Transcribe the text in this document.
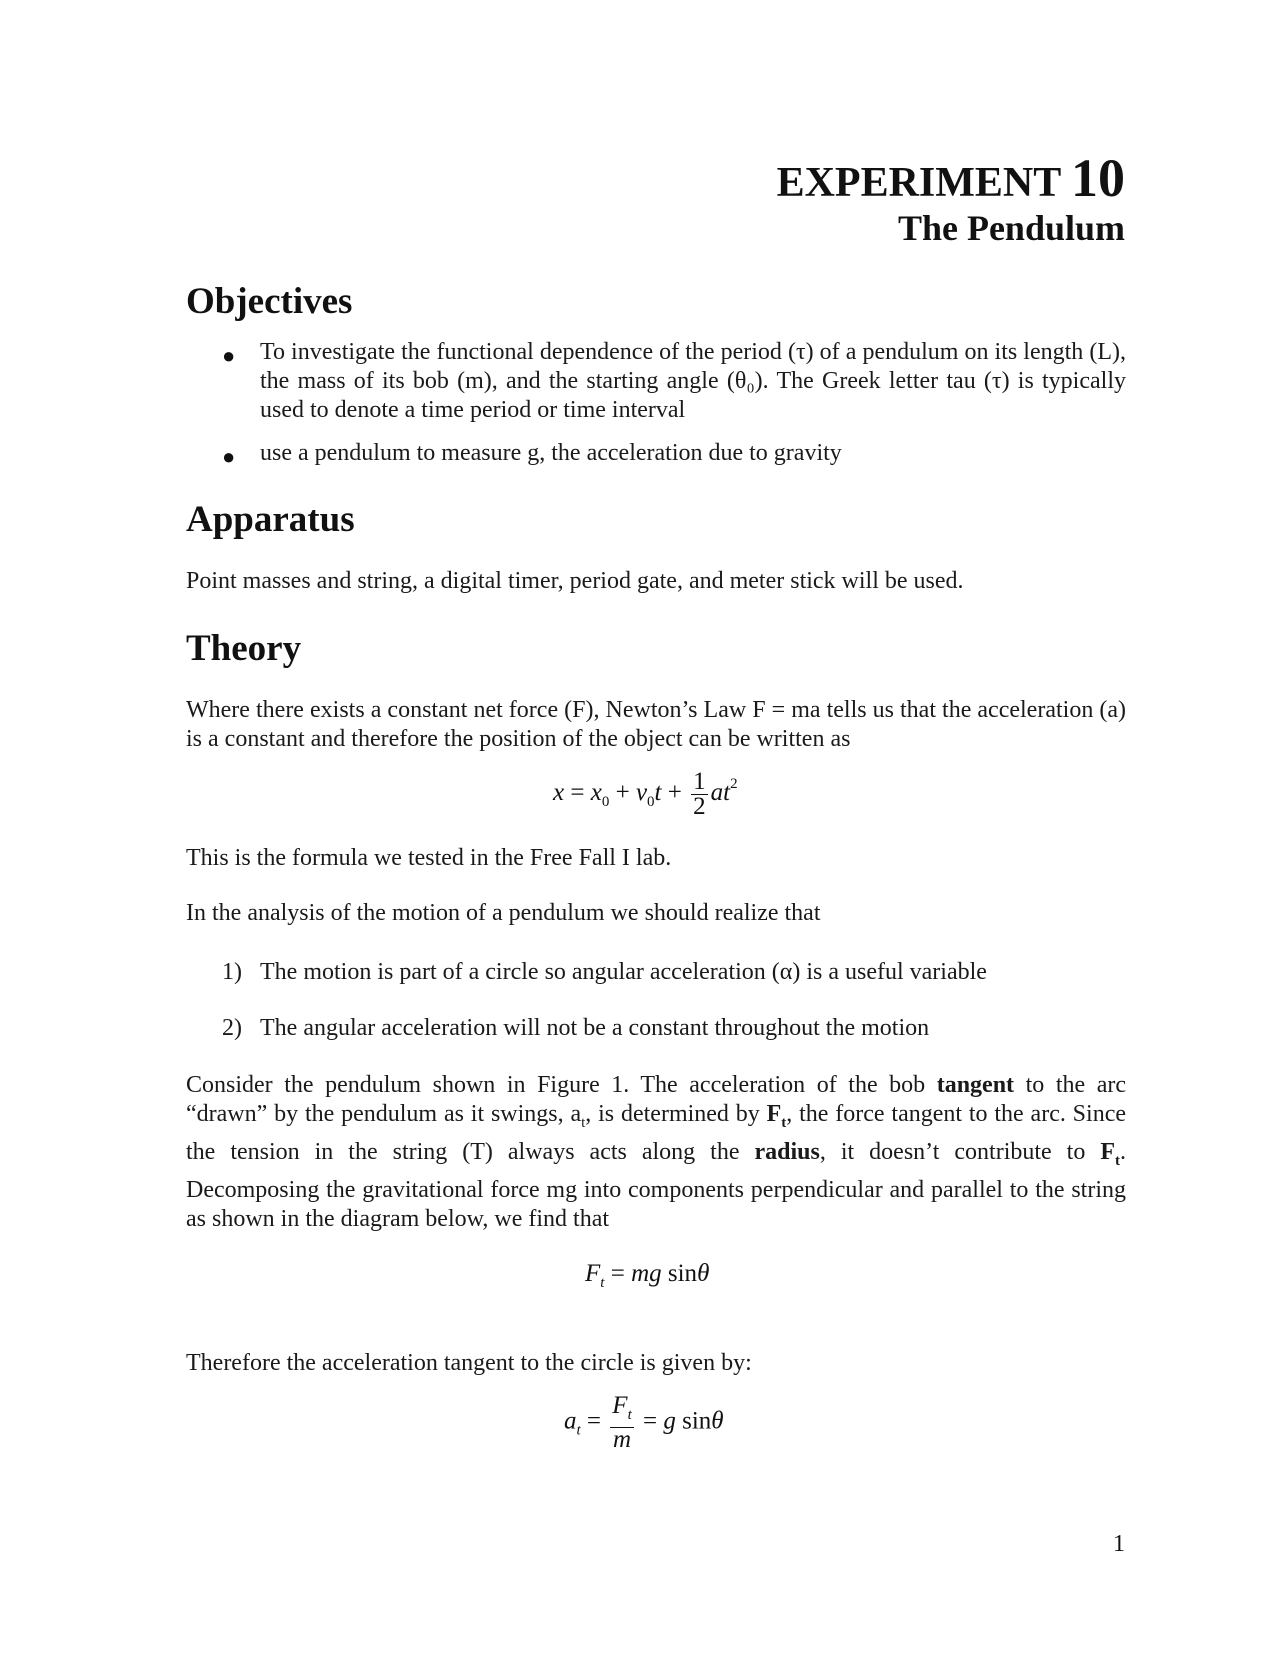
EXPERIMENT 10
The Pendulum
Objectives
● To investigate the functional dependence of the period (τ) of a pendulum on its length (L), the mass of its bob (m), and the starting angle (θ₀). The Greek letter tau (τ) is typically used to denote a time period or time interval
● use a pendulum to measure g, the acceleration due to gravity
Apparatus
Point masses and string, a digital timer, period gate, and meter stick will be used.
Theory
Where there exists a constant net force (F), Newton’s Law F = ma tells us that the acceleration (a) is a constant and therefore the position of the object can be written as
$x = x_0 + v_0t + \frac{1}{2} at^2$
This is the formula we tested in the Free Fall I lab.
In the analysis of the motion of a pendulum we should realize that
1) The motion is part of a circle so angular acceleration (α) is a useful variable
2) The angular acceleration will not be a constant throughout the motion
Consider the pendulum shown in Figure 1. The acceleration of the bob tangent to the arc “drawn” by the pendulum as it swings, $a_t$, is determined by $F_t$, the force tangent to the arc. Since the tension in the string (T) always acts along the radius, it doesn’t contribute to $F_t$. Decomposing the gravitational force mg into components perpendicular and parallel to the string as shown in the diagram below, we find that
$F_t$ = mg sinθ
Therefore the acceleration tangent to the circle is given by:
$a_t = \frac{F_t}{m} = g$ sinθ
1
